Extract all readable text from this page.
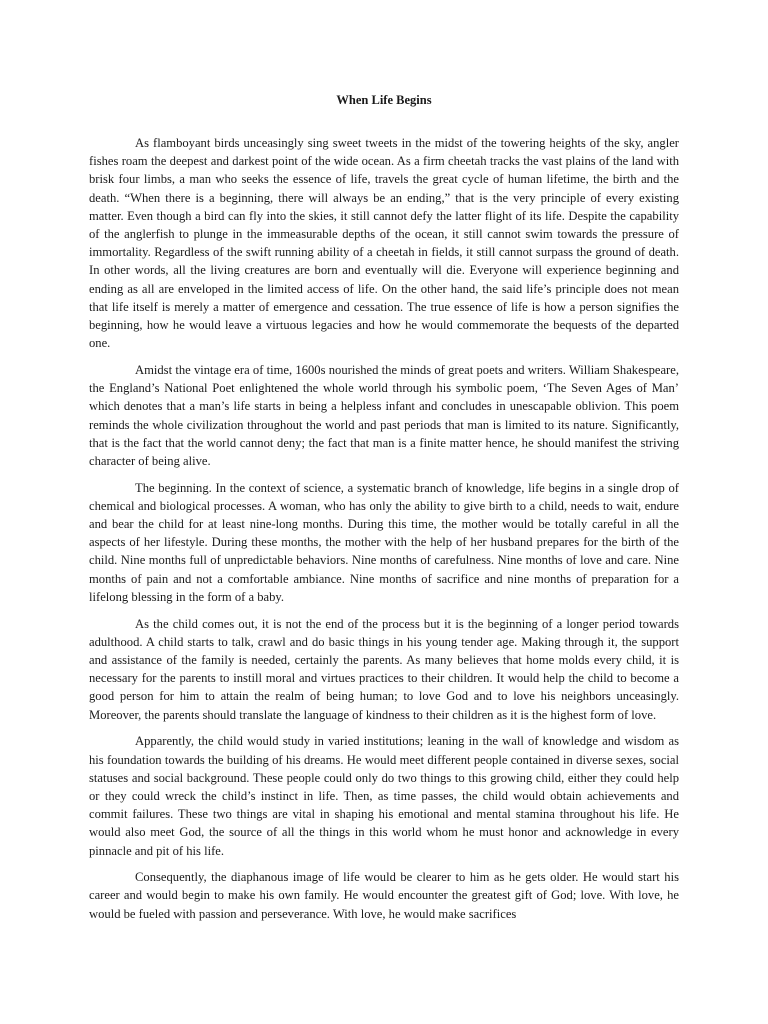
When Life Begins

As flamboyant birds unceasingly sing sweet tweets in the midst of the towering heights of the sky, angler fishes roam the deepest and darkest point of the wide ocean. As a firm cheetah tracks the vast plains of the land with brisk four limbs, a man who seeks the essence of life, travels the great cycle of human lifetime, the birth and the death. “When there is a beginning, there will always be an ending,” that is the very principle of every existing matter. Even though a bird can fly into the skies, it still cannot defy the latter flight of its life. Despite the capability of the anglerfish to plunge in the immeasurable depths of the ocean, it still cannot swim towards the pressure of immortality. Regardless of the swift running ability of a cheetah in fields, it still cannot surpass the ground of death. In other words, all the living creatures are born and eventually will die. Everyone will experience beginning and ending as all are enveloped in the limited access of life. On the other hand, the said life’s principle does not mean that life itself is merely a matter of emergence and cessation. The true essence of life is how a person signifies the beginning, how he would leave a virtuous legacies and how he would commemorate the bequests of the departed one.

Amidst the vintage era of time, 1600s nourished the minds of great poets and writers. William Shakespeare, the England’s National Poet enlightened the whole world through his symbolic poem, ‘The Seven Ages of Man’ which denotes that a man’s life starts in being a helpless infant and concludes in unescapable oblivion. This poem reminds the whole civilization throughout the world and past periods that man is limited to its nature. Significantly, that is the fact that the world cannot deny; the fact that man is a finite matter hence, he should manifest the striving character of being alive.

The beginning. In the context of science, a systematic branch of knowledge, life begins in a single drop of chemical and biological processes. A woman, who has only the ability to give birth to a child, needs to wait, endure and bear the child for at least nine-long months. During this time, the mother would be totally careful in all the aspects of her lifestyle. During these months, the mother with the help of her husband prepares for the birth of the child. Nine months full of unpredictable behaviors. Nine months of carefulness. Nine months of love and care. Nine months of pain and not a comfortable ambiance. Nine months of sacrifice and nine months of preparation for a lifelong blessing in the form of a baby.

As the child comes out, it is not the end of the process but it is the beginning of a longer period towards adulthood. A child starts to talk, crawl and do basic things in his young tender age. Making through it, the support and assistance of the family is needed, certainly the parents. As many believes that home molds every child, it is necessary for the parents to instill moral and virtues practices to their children. It would help the child to become a good person for him to attain the realm of being human; to love God and to love his neighbors unceasingly. Moreover, the parents should translate the language of kindness to their children as it is the highest form of love.

Apparently, the child would study in varied institutions; leaning in the wall of knowledge and wisdom as his foundation towards the building of his dreams. He would meet different people contained in diverse sexes, social statuses and social background. These people could only do two things to this growing child, either they could help or they could wreck the child’s instinct in life. Then, as time passes, the child would obtain achievements and commit failures. These two things are vital in shaping his emotional and mental stamina throughout his life. He would also meet God, the source of all the things in this world whom he must honor and acknowledge in every pinnacle and pit of his life.

Consequently, the diaphanous image of life would be clearer to him as he gets older. He would start his career and would begin to make his own family. He would encounter the greatest gift of God; love. With love, he would be fueled with passion and perseverance. With love, he would make sacrifices
